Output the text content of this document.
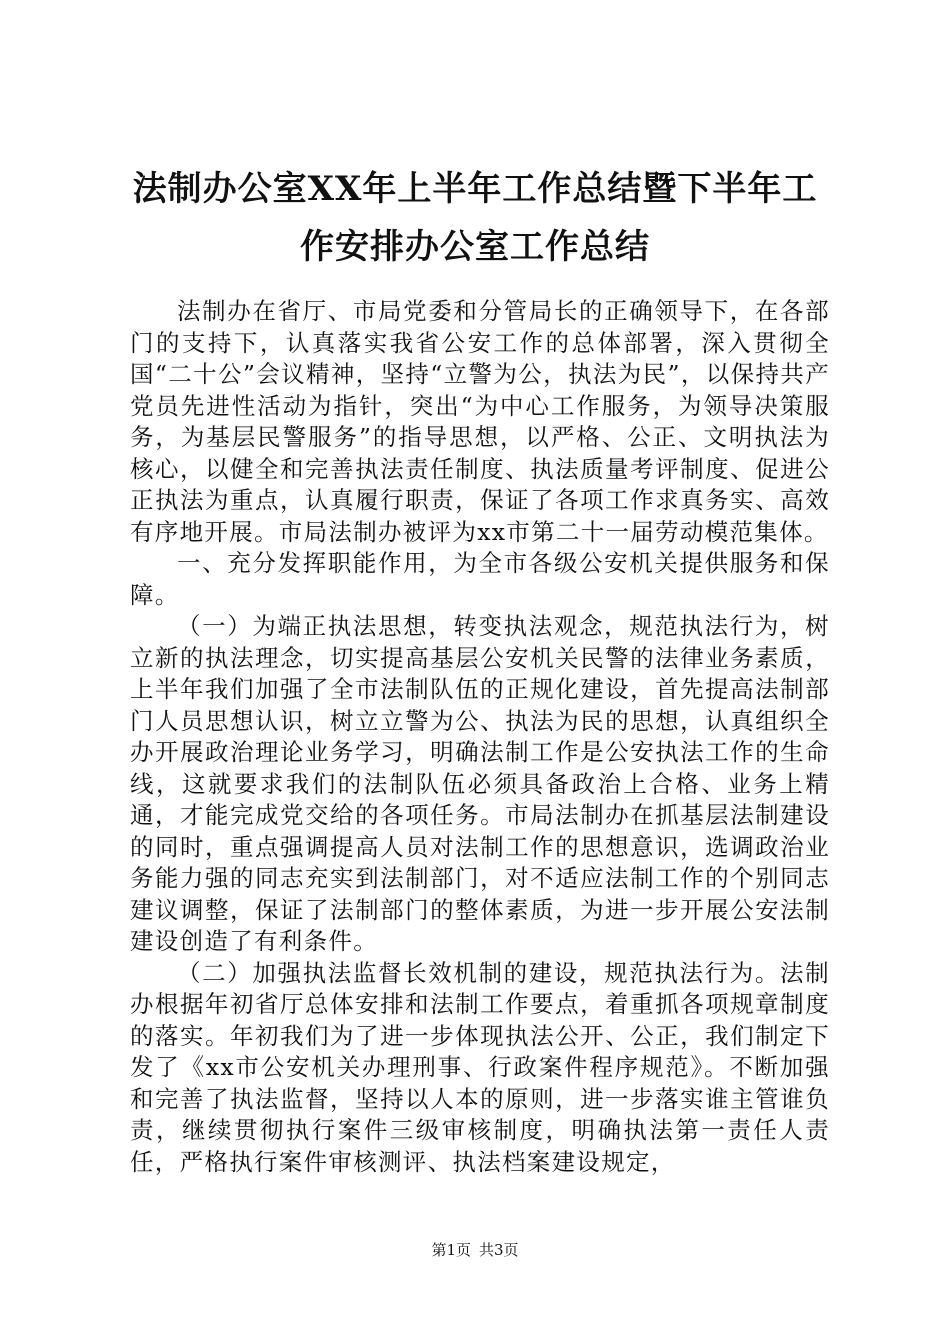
法制办公室XX年上半年工作总结暨下半年工
作安排办公室工作总结

法制办在省厅、市局党委和分管局长的正确领导下，在各部门的支持下，认真落实我省公安工作的总体部署，深入贯彻全国“二十公”会议精神，坚持“立警为公，执法为民”，以保持共产党员先进性活动为指针，突出“为中心工作服务，为领导决策服务，为基层民警服务”的指导思想，以严格、公正、文明执法为核心，以健全和完善执法责任制度、执法质量考评制度、促进公正执法为重点，认真履行职责，保证了各项工作求真务实、高效有序地开展。市局法制办被评为xx市第二十一届劳动模范集体。

一、充分发挥职能作用，为全市各级公安机关提供服务和保障。

（一）为端正执法思想，转变执法观念，规范执法行为，树立新的执法理念，切实提高基层公安机关民警的法律业务素质，上半年我们加强了全市法制队伍的正规化建设，首先提高法制部门人员思想认识，树立立警为公、执法为民的思想，认真组织全办开展政治理论业务学习，明确法制工作是公安执法工作的生命线，这就要求我们的法制队伍必须具备政治上合格、业务上精通，才能完成党交给的各项任务。市局法制办在抓基层法制建设的同时，重点强调提高人员对法制工作的思想意识，选调政治业务能力强的同志充实到法制部门，对不适应法制工作的个别同志建议调整，保证了法制部门的整体素质，为进一步开展公安法制建设创造了有利条件。

（二）加强执法监督长效机制的建设，规范执法行为。法制办根据年初省厅总体安排和法制工作要点，着重抓各项规章制度的落实。年初我们为了进一步体现执法公开、公正，我们制定下发了《xx市公安机关办理刑事、行政案件程序规范》。不断加强和完善了执法监督，坚持以人本的原则，进一步落实谁主管谁负责，继续贯彻执行案件三级审核制度，明确执法第一责任人责任，严格执行案件审核测评、执法档案建设规定，

第1页 共3页
